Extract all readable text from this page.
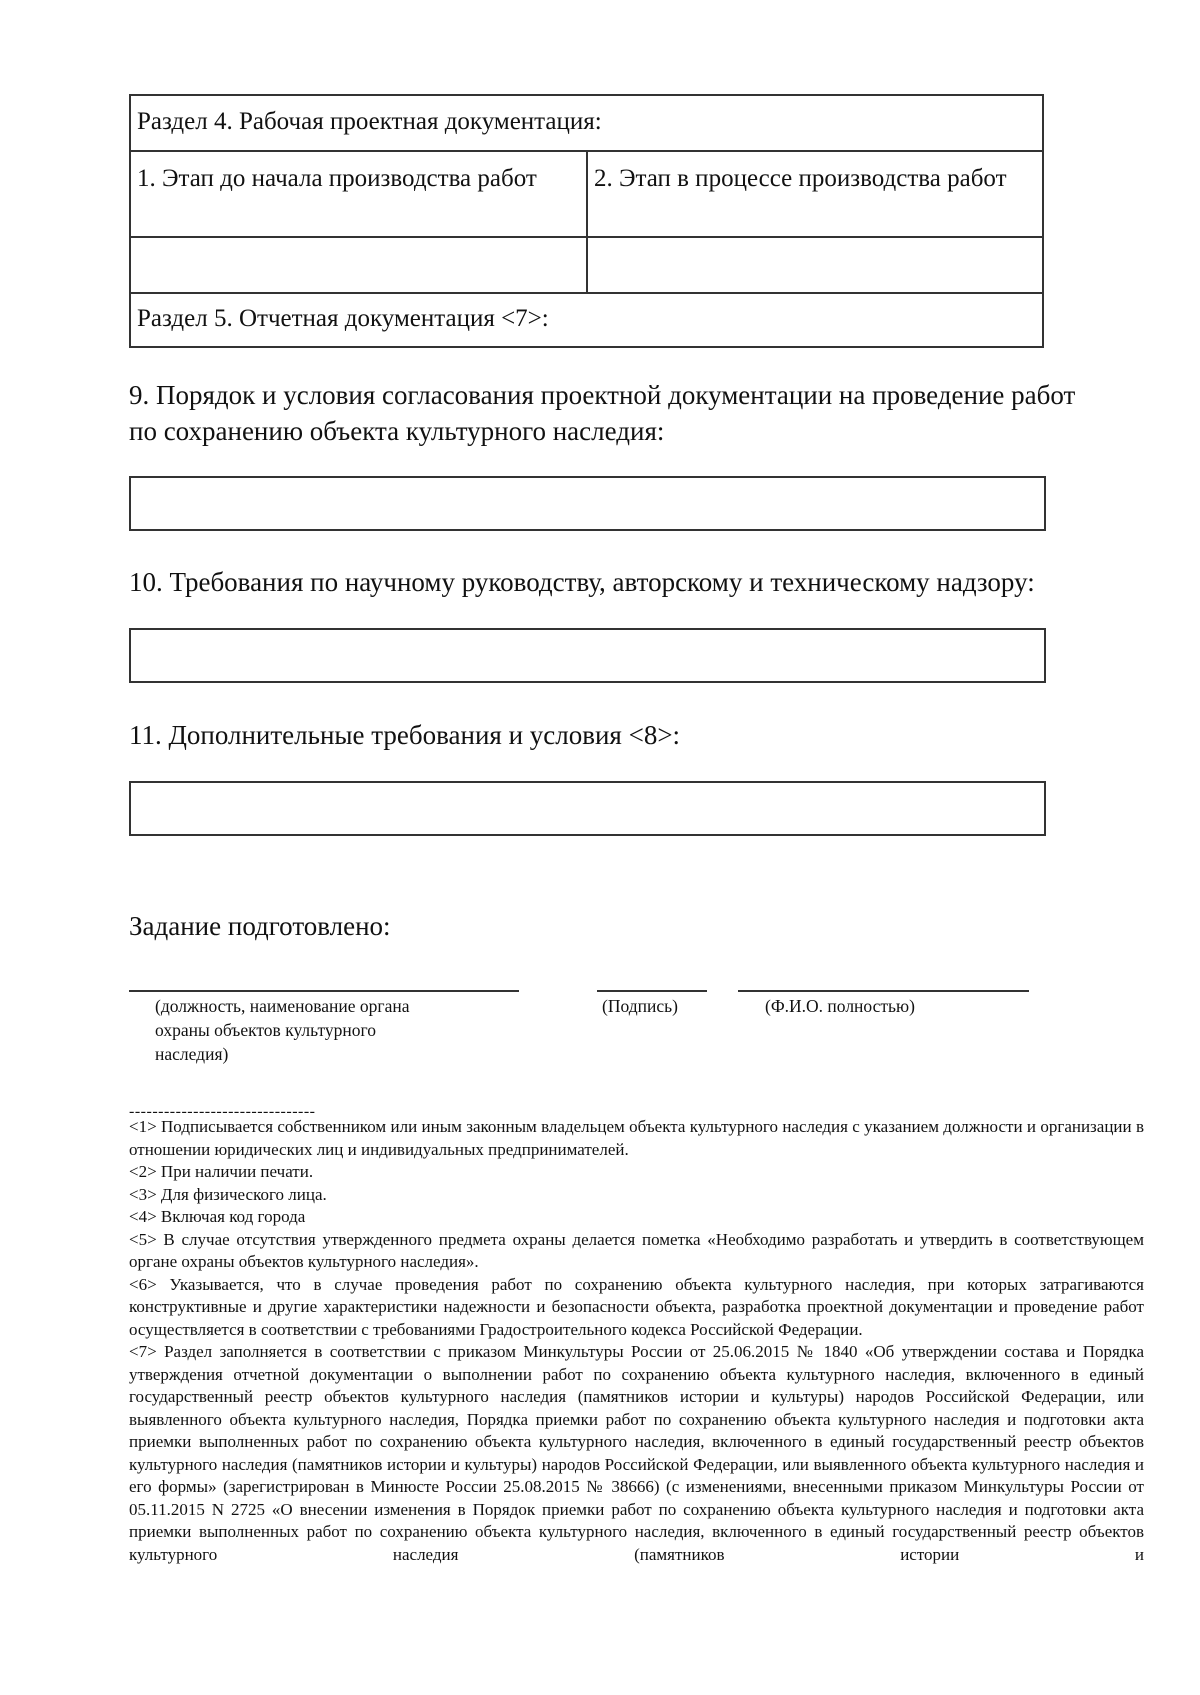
Раздел 4. Рабочая проектная документация:
1. Этап до начала производства работ	2. Этап в процессе производства работ
Раздел 5. Отчетная документация <7>:
9. Порядок и условия согласования проектной документации на проведение работ по сохранению объекта культурного наследия:
10. Требования по научному руководству, авторскому и техническому надзору:
11. Дополнительные требования и условия <8>:
Задание подготовлено:
(должность, наименование органа охраны объектов культурного наследия)
(Подпись)	(Ф.И.О. полностью)
--------------------------------

<1> Подписывается собственником или иным законным владельцем объекта культурного наследия с указанием должности и организации в отношении юридических лиц и индивидуальных предпринимателей.

<2> При наличии печати.

<3> Для физического лица.

<4> Включая код города

<5> В случае отсутствия утвержденного предмета охраны делается пометка «Необходимо разработать и утвердить в соответствующем органе охраны объектов культурного наследия».

<6> Указывается, что в случае проведения работ по сохранению объекта культурного наследия, при которых затрагиваются конструктивные и другие характеристики надежности и безопасности объекта, разработка проектной документации и проведение работ осуществляется в соответствии с требованиями Градостроительного кодекса Российской Федерации.

<7> Раздел заполняется в соответствии с приказом Минкультуры России от 25.06.2015 № 1840 «Об утверждении состава и Порядка утверждения отчетной документации о выполнении работ по сохранению объекта культурного наследия, включенного в единый государственный реестр объектов культурного наследия (памятников истории и культуры) народов Российской Федерации, или выявленного объекта культурного наследия, Порядка приемки работ по сохранению объекта культурного наследия и подготовки акта приемки выполненных работ по сохранению объекта культурного наследия, включенного в единый государственный реестр объектов культурного наследия (памятников истории и культуры) народов Российской Федерации, или выявленного объекта культурного наследия и его формы» (зарегистрирован в Минюсте России 25.08.2015 № 38666) (с изменениями, внесенными приказом Минкультуры России от 05.11.2015 N 2725 «О внесении изменения в Порядок приемки работ по сохранению объекта культурного наследия и подготовки акта приемки выполненных работ по сохранению объекта культурного наследия, включенного в единый государственный реестр объектов культурного наследия (памятников истории и
